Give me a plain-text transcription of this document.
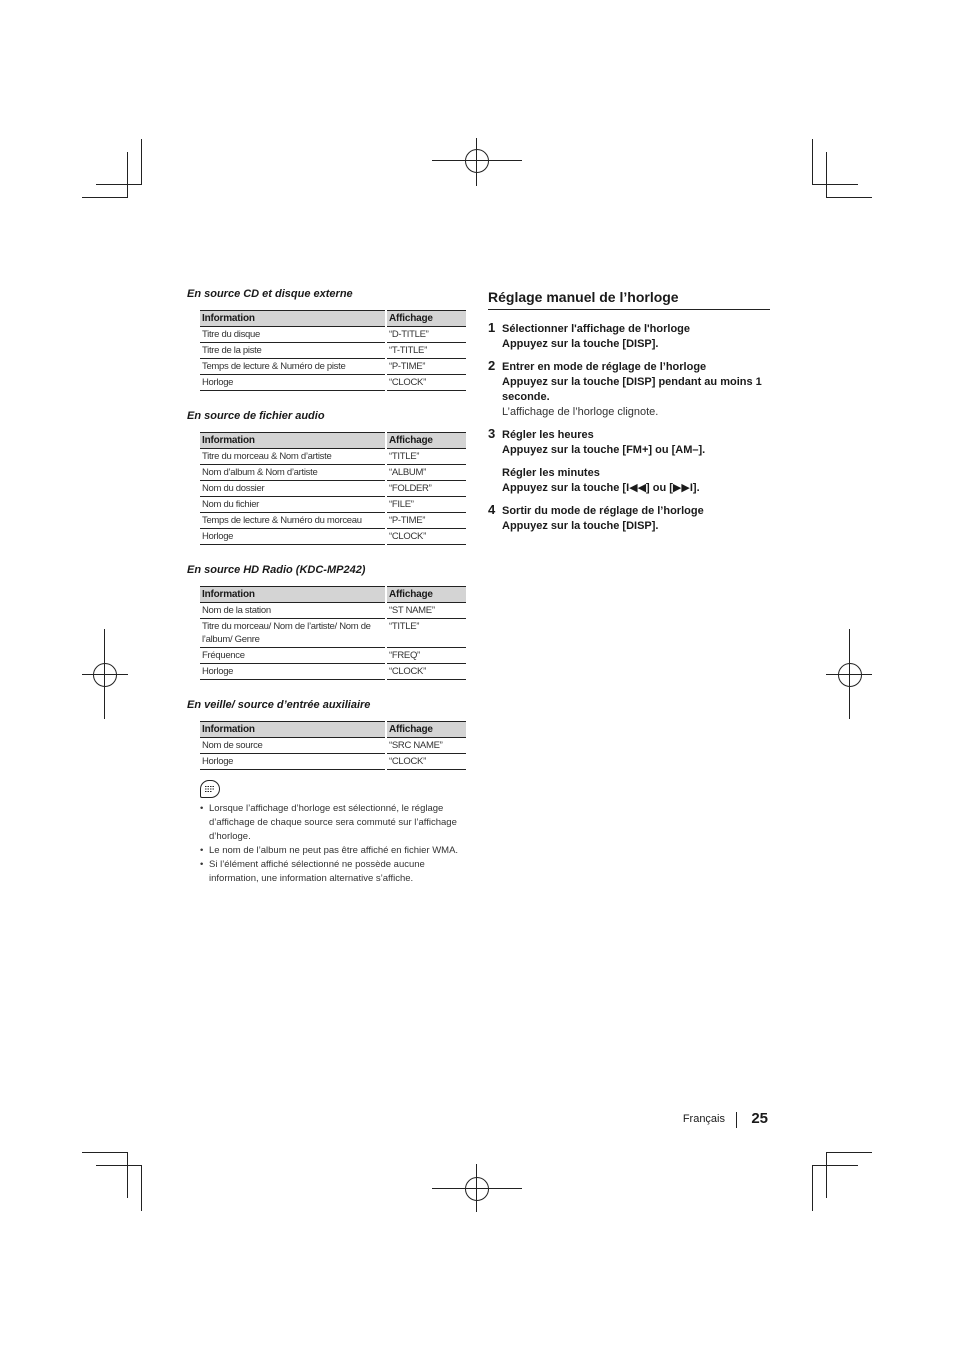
En source CD et disque externe
Information	Affichage
Titre du disque	“D-TITLE”
Titre de la piste	“T-TITLE”
Temps de lecture & Numéro de piste	“P-TIME”
Horloge	“CLOCK”
En source de fichier audio
Information	Affichage
Titre du morceau & Nom d’artiste	“TITLE”
Nom d’album & Nom d’artiste	“ALBUM”
Nom du dossier	“FOLDER”
Nom du fichier	“FILE”
Temps de lecture & Numéro du morceau	“P-TIME”
Horloge	“CLOCK”
En source HD Radio (KDC-MP242)
Information	Affichage
Nom de la station	“ST NAME”
Titre du morceau/ Nom de l’artiste/ Nom de l’album/ Genre	“TITLE”
Fréquence	“FREQ”
Horloge	“CLOCK”
En veille/ source d’entrée auxiliaire
Information	Affichage
Nom de source	“SRC NAME”
Horloge	“CLOCK”
• Lorsque l’affichage d’horloge est sélectionné, le réglage d’affichage de chaque source sera commuté sur l’affichage d’horloge.
• Le nom de l’album ne peut pas être affiché en fichier WMA.
• Si l’élément affiché sélectionné ne possède aucune information, une information alternative s’affiche.
Réglage manuel de l’horloge
1 Sélectionner l'affichage de l'horloge
Appuyez sur la touche [DISP].
2 Entrer en mode de réglage de l’horloge
Appuyez sur la touche [DISP] pendant au moins 1 seconde.
L’affichage de l’horloge clignote.
3 Régler les heures
Appuyez sur la touche [FM+] ou [AM–].
Régler les minutes
Appuyez sur la touche [I◀◀] ou [▶▶I].
4 Sortir du mode de réglage de l’horloge
Appuyez sur la touche [DISP].
Français 25
